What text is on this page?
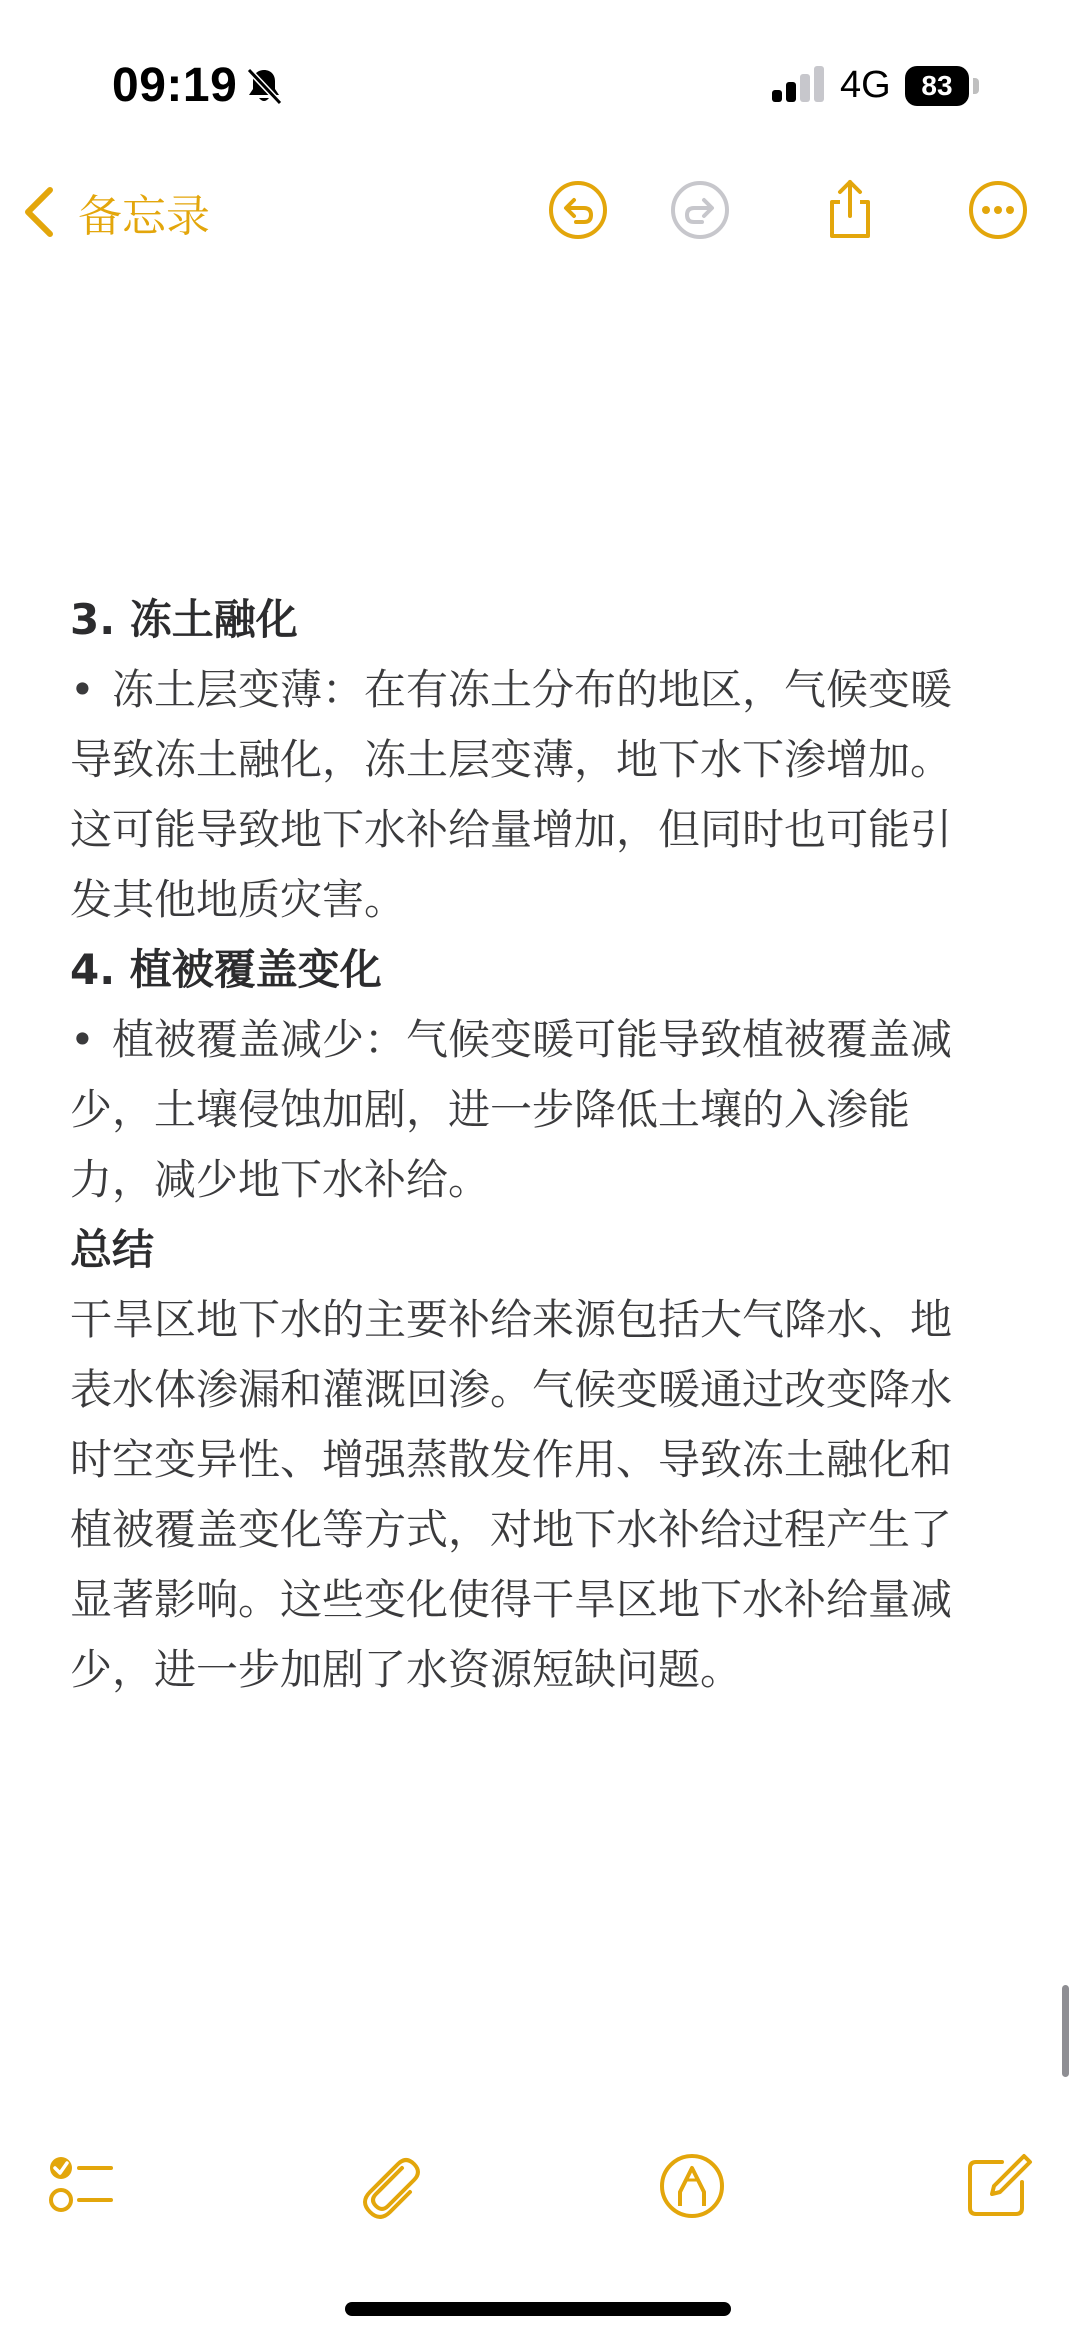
09:19	4G	83
备忘录

3. 冻土融化

• 冻土层变薄：在有冻土分布的地区，气候变暖导致冻土融化，冻土层变薄，地下水下渗增加。这可能导致地下水补给量增加，但同时也可能引发其他地质灾害。

4. 植被覆盖变化

• 植被覆盖减少：气候变暖可能导致植被覆盖减少，土壤侵蚀加剧，进一步降低土壤的入渗能力，减少地下水补给。

总结

干旱区地下水的主要补给来源包括大气降水、地表水体渗漏和灌溉回渗。气候变暖通过改变降水时空变异性、增强蒸散发作用、导致冻土融化和植被覆盖变化等方式，对地下水补给过程产生了显著影响。这些变化使得干旱区地下水补给量减少，进一步加剧了水资源短缺问题。
